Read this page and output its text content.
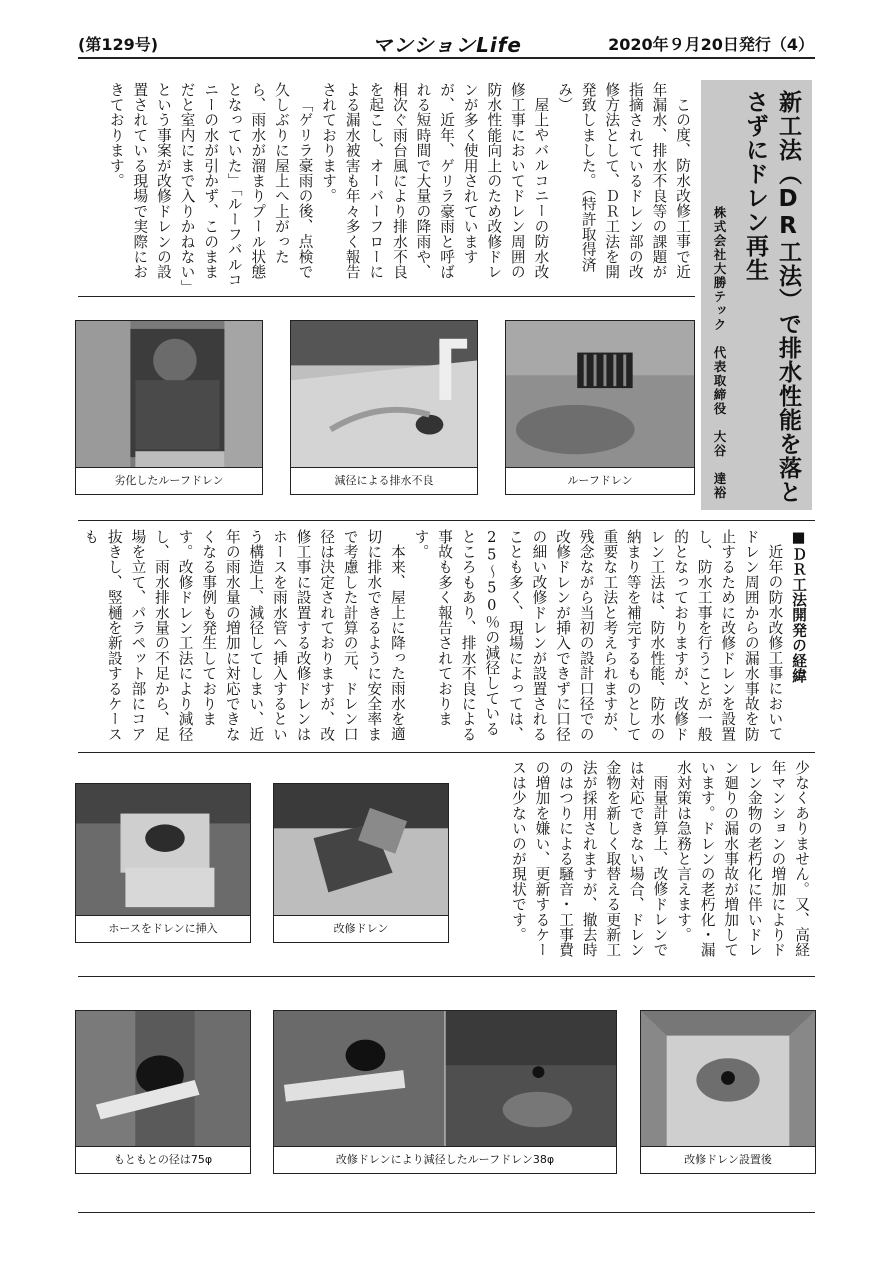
(第129号)	マンションLife	2020年９月20日発行（4）
新工法（DR工法）で排水性能を落とさずにドレン再生
株式会社大勝テック　代表取締役　大谷　達裕

この度、防水改修工事で近年漏水、排水不良等の課題が指摘されているドレン部の改修方法として、ＤＲ工法を開発致しました。（特許取得済み）

屋上やバルコニーの防水改修工事においてドレン周囲の防水性能向上のため改修ドレンが多く使用されていますが、近年、ゲリラ豪雨と呼ばれる短時間で大量の降雨や、相次ぐ雨台風により排水不良を起こし、オーバーフローによる漏水被害も年々多く報告されております。

「ゲリラ豪雨の後、点検で久しぶりに屋上へ上がったら、雨水が溜まりプール状態となっていた」「ルーフバルコニーの水が引かず、このままだと室内にまで入りかねない」という事案が改修ドレンの設置されている現場で実際におきております。

劣化したルーフドレン	減径による排水不良	ルーフドレン

■ＤＲ工法開発の経緯

近年の防水改修工事においてドレン周囲からの漏水事故を防止するために改修ドレンを設置し、防水工事を行うことが一般的となっておりますが、改修ドレン工法は、防水性能、防水の納まり等を補完するものとして重要な工法と考えられますが、残念ながら当初の設計口径での改修ドレンが挿入できずに口径の細い改修ドレンが設置されることも多く、現場によっては、25～50％の減径しているところもあり、排水不良による事故も多く報告されております。

本来、屋上に降った雨水を適切に排水できるように安全率まで考慮した計算の元、ドレン口径は決定されておりますが、改修工事に設置する改修ドレンはホースを雨水管へ挿入するという構造上、減径してしまい、近年の雨水量の増加に対応できなくなる事例も発生しております。改修ドレン工法により減径し、雨水排水量の不足から、足場を立て、パラペット部にコア抜きし、竪樋を新設するケースも

少なくありません。又、高経年マンションの増加によりドレン金物の老朽化に伴いドレン廻りの漏水事故が増加しています。ドレンの老朽化・漏水対策は急務と言えます。

雨量計算上、改修ドレンでは対応できない場合、ドレン金物を新しく取替える更新工法が採用されますが、撤去時のはつりによる騒音・工事費の増加を嫌い、更新するケースは少ないのが現状です。

ホースをドレンに挿入	改修ドレン
もともとの径は75φ	改修ドレンにより減径したルーフドレン38φ	改修ドレン設置後
